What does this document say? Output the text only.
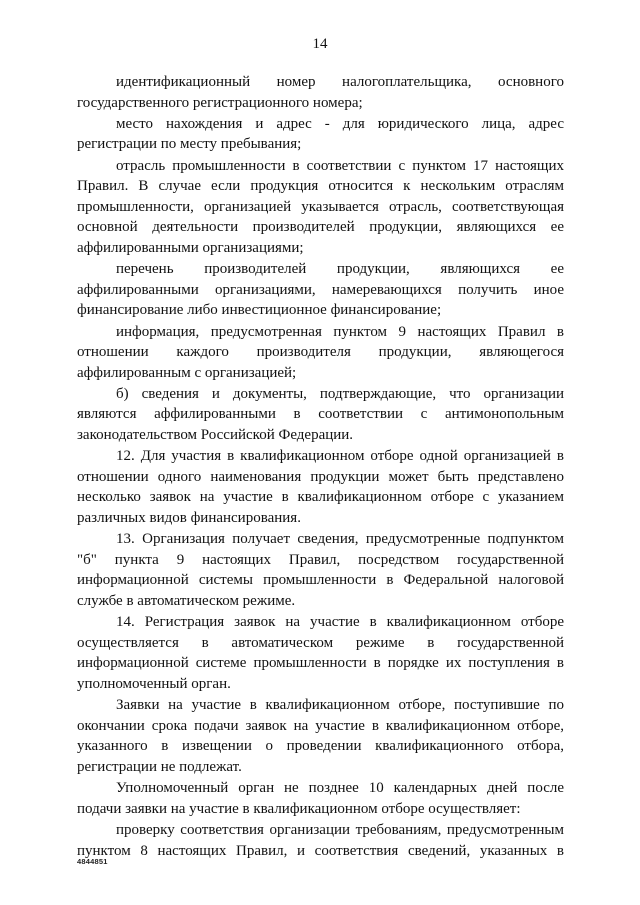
14

идентификационный номер налогоплательщика, основного государственного регистрационного номера;

место нахождения и адрес - для юридического лица, адрес регистрации по месту пребывания;

отрасль промышленности в соответствии с пунктом 17 настоящих Правил. В случае если продукция относится к нескольким отраслям промышленности, организацией указывается отрасль, соответствующая основной деятельности производителей продукции, являющихся ее аффилированными организациями;

перечень производителей продукции, являющихся ее аффилированными организациями, намеревающихся получить иное финансирование либо инвестиционное финансирование;

информация, предусмотренная пунктом 9 настоящих Правил в отношении каждого производителя продукции, являющегося аффилированным с организацией;

б) сведения и документы, подтверждающие, что организации являются аффилированными в соответствии с антимонопольным законодательством Российской Федерации.

12. Для участия в квалификационном отборе одной организацией в отношении одного наименования продукции может быть представлено несколько заявок на участие в квалификационном отборе с указанием различных видов финансирования.

13. Организация получает сведения, предусмотренные подпунктом "б" пункта 9 настоящих Правил, посредством государственной информационной системы промышленности в Федеральной налоговой службе в автоматическом режиме.

14. Регистрация заявок на участие в квалификационном отборе осуществляется в автоматическом режиме в государственной информационной системе промышленности в порядке их поступления в уполномоченный орган.

Заявки на участие в квалификационном отборе, поступившие по окончании срока подачи заявок на участие в квалификационном отборе, указанного в извещении о проведении квалификационного отбора, регистрации не подлежат.

Уполномоченный орган не позднее 10 календарных дней после подачи заявки на участие в квалификационном отборе осуществляет:

проверку соответствия организации требованиям, предусмотренным пунктом 8 настоящих Правил, и соответствия сведений, указанных в

4844851
